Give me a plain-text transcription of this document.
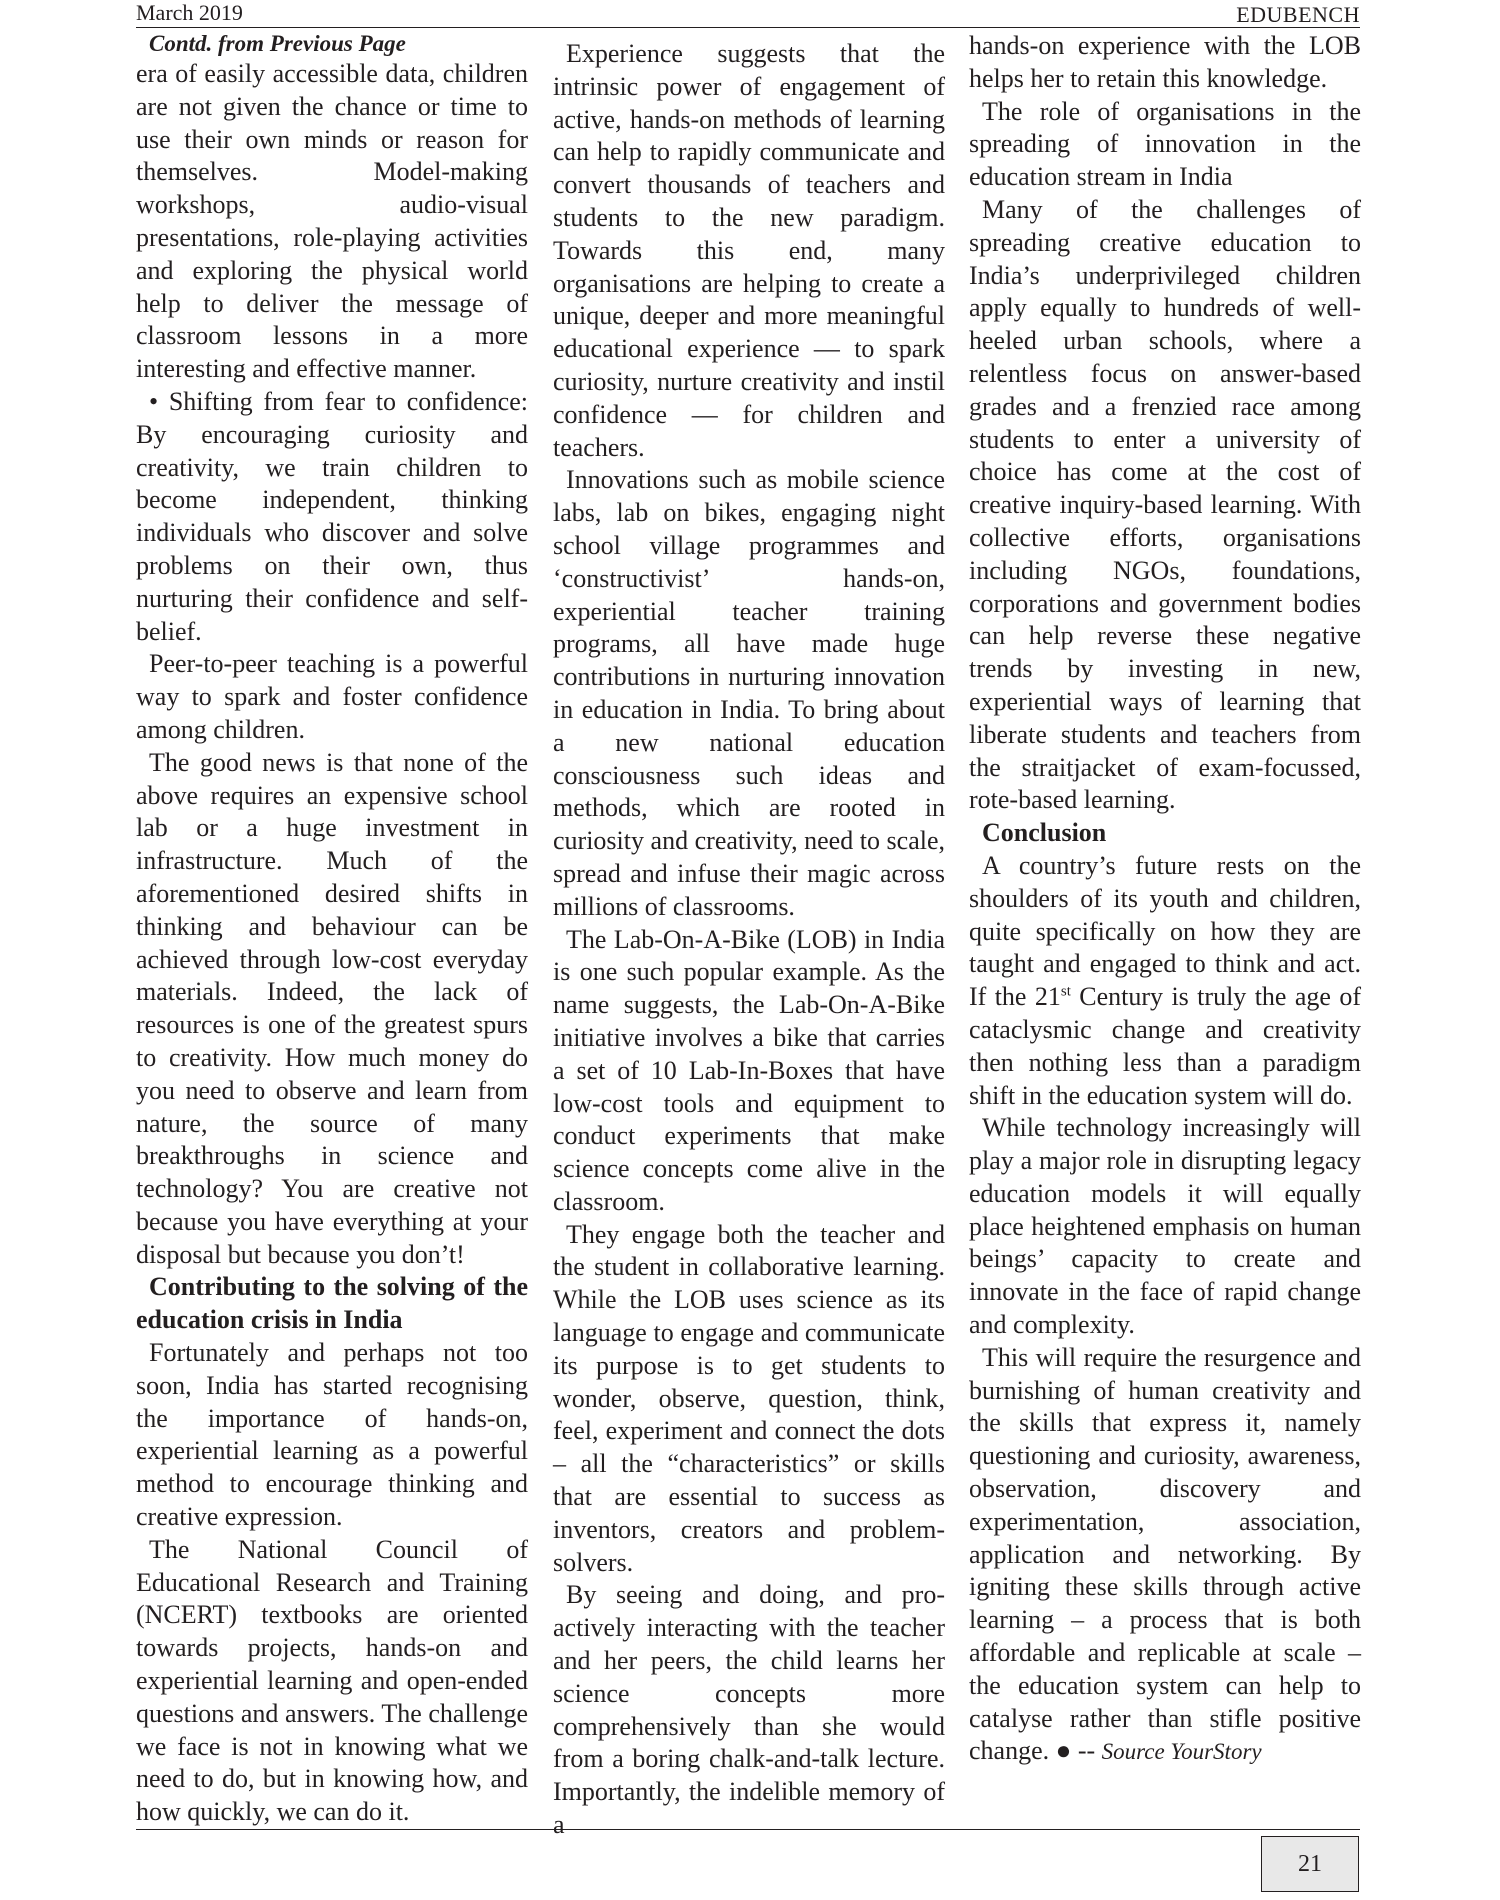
March 2019	EDUBENCH

Contd. from Previous Page

era of easily accessible data, children are not given the chance or time to use their own minds or reason for themselves. Model-making workshops, audio-visual presentations, role-playing activities and exploring the physical world help to deliver the message of classroom lessons in a more interesting and effective manner.

• Shifting from fear to confidence: By encouraging curiosity and creativity, we train children to become independent, thinking individuals who discover and solve problems on their own, thus nurturing their confidence and self-belief.

Peer-to-peer teaching is a powerful way to spark and foster confidence among children.

The good news is that none of the above requires an expensive school lab or a huge investment in infrastructure. Much of the aforementioned desired shifts in thinking and behaviour can be achieved through low-cost everyday materials. Indeed, the lack of resources is one of the greatest spurs to creativity. How much money do you need to observe and learn from nature, the source of many breakthroughs in science and technology? You are creative not because you have everything at your disposal but because you don’t!

Contributing to the solving of the education crisis in India

Fortunately and perhaps not too soon, India has started recognising the importance of hands-on, experiential learning as a powerful method to encourage thinking and creative expression.

The National Council of Educational Research and Training (NCERT) textbooks are oriented towards projects, hands-on and experiential learning and open-ended questions and answers. The challenge we face is not in knowing what we need to do, but in knowing how, and how quickly, we can do it.

Experience suggests that the intrinsic power of engagement of active, hands-on methods of learning can help to rapidly communicate and convert thousands of teachers and students to the new paradigm. Towards this end, many organisations are helping to create a unique, deeper and more meaningful educational experience — to spark curiosity, nurture creativity and instil confidence — for children and teachers.

Innovations such as mobile science labs, lab on bikes, engaging night school village programmes and ‘constructivist’ hands-on, experiential teacher training programs, all have made huge contributions in nurturing innovation in education in India. To bring about a new national education consciousness such ideas and methods, which are rooted in curiosity and creativity, need to scale, spread and infuse their magic across millions of classrooms.

The Lab-On-A-Bike (LOB) in India is one such popular example. As the name suggests, the Lab-On-A-Bike initiative involves a bike that carries a set of 10 Lab-In-Boxes that have low-cost tools and equipment to conduct experiments that make science concepts come alive in the classroom.

They engage both the teacher and the student in collaborative learning. While the LOB uses science as its language to engage and communicate its purpose is to get students to wonder, observe, question, think, feel, experiment and connect the dots – all the “characteristics” or skills that are essential to success as inventors, creators and problem-solvers.

By seeing and doing, and pro-actively interacting with the teacher and her peers, the child learns her science concepts more comprehensively than she would from a boring chalk-and-talk lecture. Importantly, the indelible memory of a

hands-on experience with the LOB helps her to retain this knowledge.

The role of organisations in the spreading of innovation in the education stream in India

Many of the challenges of spreading creative education to India’s underprivileged children apply equally to hundreds of well-heeled urban schools, where a relentless focus on answer-based grades and a frenzied race among students to enter a university of choice has come at the cost of creative inquiry-based learning. With collective efforts, organisations including NGOs, foundations, corporations and government bodies can help reverse these negative trends by investing in new, experiential ways of learning that liberate students and teachers from the straitjacket of exam-focussed, rote-based learning.

Conclusion

A country’s future rests on the shoulders of its youth and children, quite specifically on how they are taught and engaged to think and act. If the 21st Century is truly the age of cataclysmic change and creativity then nothing less than a paradigm shift in the education system will do.

While technology increasingly will play a major role in disrupting legacy education models it will equally place heightened emphasis on human beings’ capacity to create and innovate in the face of rapid change and complexity.

This will require the resurgence and burnishing of human creativity and the skills that express it, namely questioning and curiosity, awareness, observation, discovery and experimentation, association, application and networking. By igniting these skills through active learning – a process that is both affordable and replicable at scale – the education system can help to catalyse rather than stifle positive change. ● -- Source YourStory

21
